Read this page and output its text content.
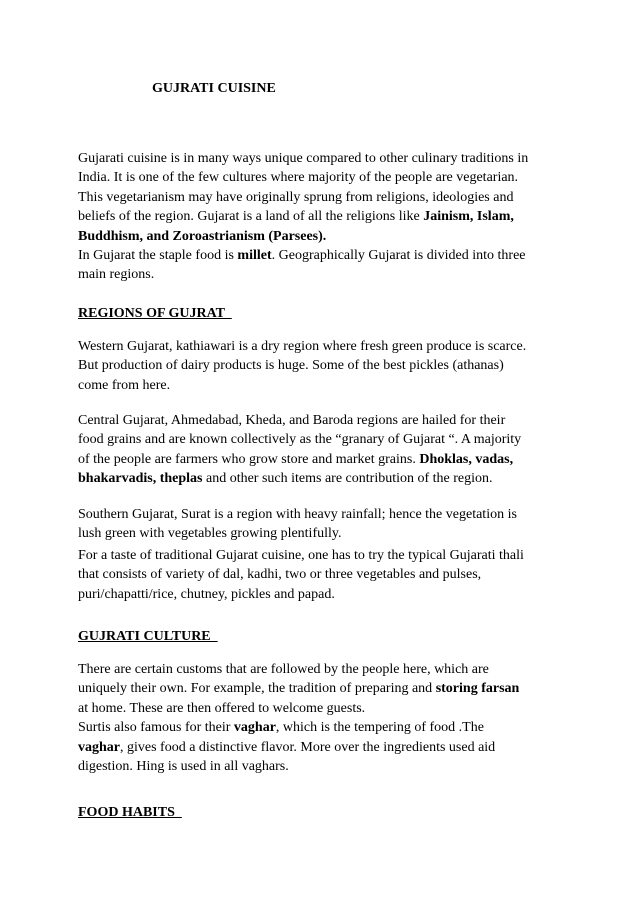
GUJRATI CUISINE
Gujarati cuisine is in many ways unique compared to other culinary traditions in
India. It is one of the few cultures where majority of the people are vegetarian.
This vegetarianism may have originally sprung from religions, ideologies and
beliefs of the region. Gujarat is a land of all the religions like Jainism, Islam,
Buddhism, and Zoroastrianism (Parsees).
In Gujarat the staple food is millet. Geographically Gujarat is divided into three
main regions.
REGIONS OF GUJRAT
Western Gujarat, kathiawari is a dry region where fresh green produce is scarce.
But production of dairy products is huge. Some of the best pickles (athanas)
come from here.
Central Gujarat, Ahmedabad, Kheda, and Baroda regions are hailed for their
food grains and are known collectively as the “granary of Gujarat “. A majority
of the people are farmers who grow store and market grains. Dhoklas, vadas,
bhakarvadis, theplas and other such items are contribution of the region.
Southern Gujarat, Surat is a region with heavy rainfall; hence the vegetation is
lush green with vegetables growing plentifully.
For a taste of traditional Gujarat cuisine, one has to try the typical Gujarati thali
that consists of variety of dal, kadhi, two or three vegetables and pulses,
puri/chapatti/rice, chutney, pickles and papad.
GUJRATI CULTURE
There are certain customs that are followed by the people here, which are
uniquely their own. For example, the tradition of preparing and storing farsan
at home. These are then offered to welcome guests.
Surtis also famous for their vaghar, which is the tempering of food .The
vaghar, gives food a distinctive flavor. More over the ingredients used aid
digestion. Hing is used in all vaghars.
FOOD HABITS
